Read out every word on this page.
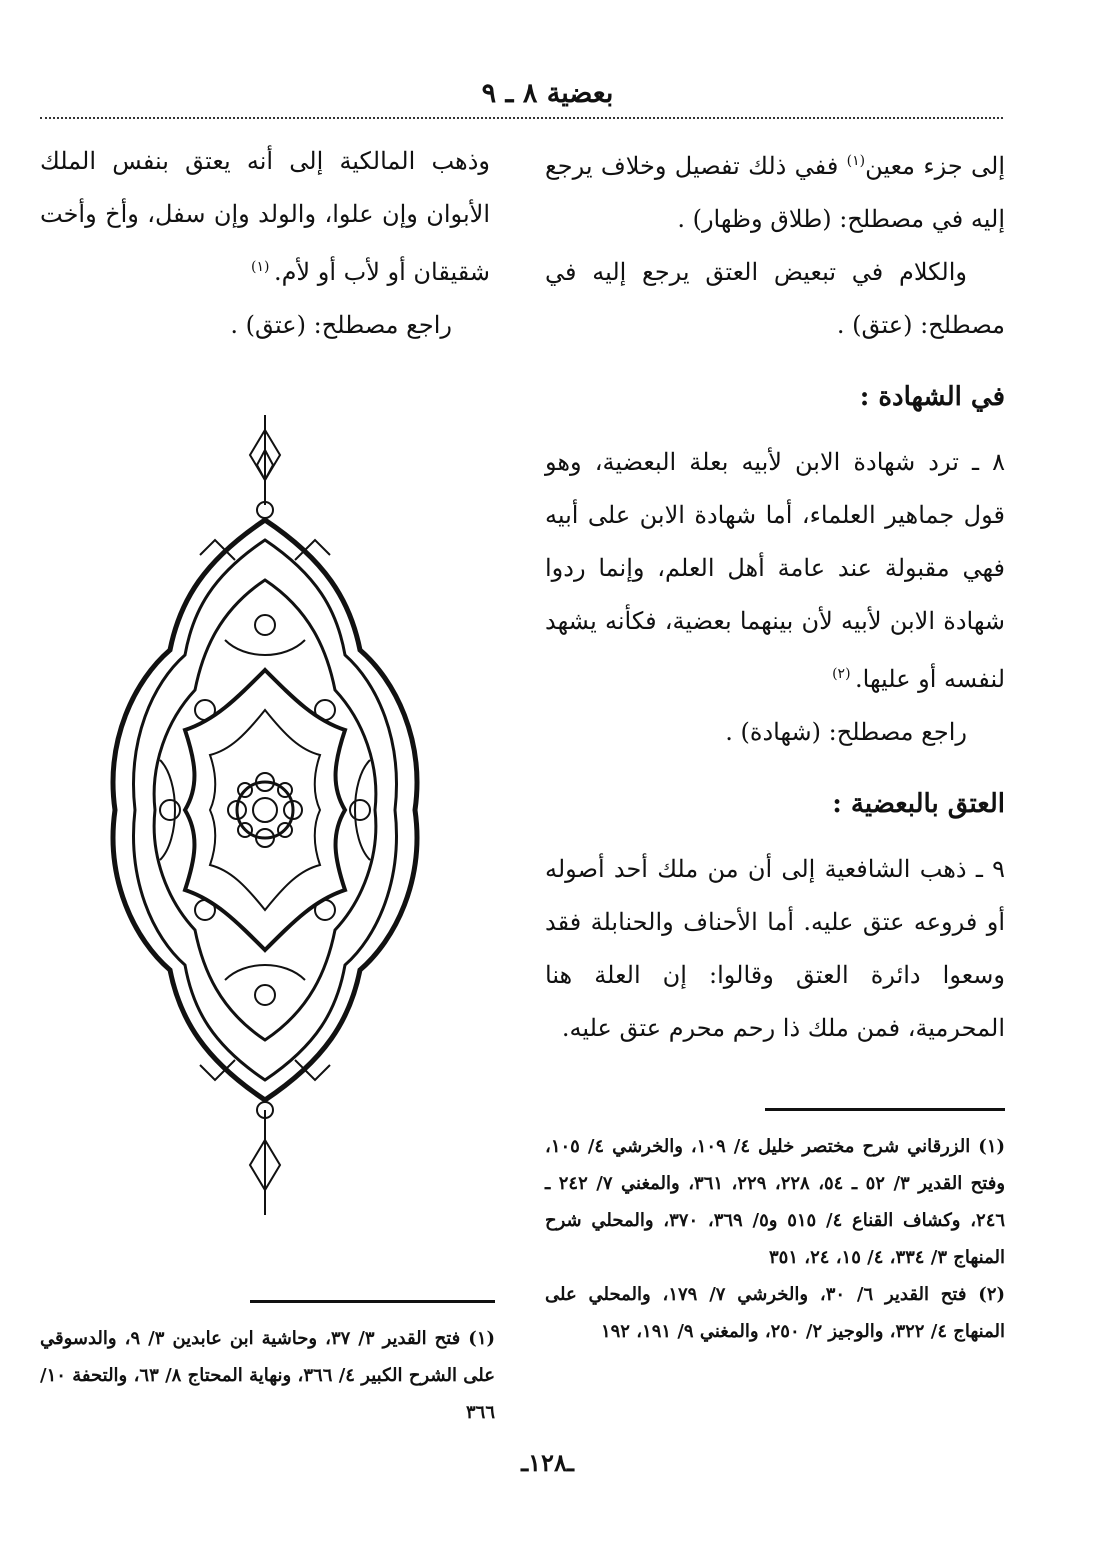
بعضية ٨ ـ ٩

إلى جزء معين$^{(١)}$ ففي ذلك تفصيل وخلاف يرجع إليه في مصطلح: (طلاق وظهار) .

والكلام في تبعيض العتق يرجع إليه في مصطلح: (عتق) .

في الشهادة :

٨ ـ ترد شهادة الابن لأبيه بعلة البعضية، وهو قول جماهير العلماء، أما شهادة الابن على أبيه فهي مقبولة عند عامة أهل العلم، وإنما ردوا شهادة الابن لأبيه لأن بينهما بعضية، فكأنه يشهد لنفسه أو عليها. $^{(٢)}$

راجع مصطلح: (شهادة) .

العتق بالبعضية :

٩ ـ ذهب الشافعية إلى أن من ملك أحد أصوله أو فروعه عتق عليه. أما الأحناف والحنابلة فقد وسعوا دائرة العتق وقالوا: إن العلة هنا المحرمية، فمن ملك ذا رحم محرم عتق عليه.

وذهب المالكية إلى أنه يعتق بنفس الملك الأبوان وإن علوا، والولد وإن سفل، وأخ وأخت شقيقان أو لأب أو لأم. $^{(١)}$

راجع مصطلح: (عتق) .

(١) الزرقاني شرح مختصر خليل ٤/ ١٠٩، والخرشي ٤/ ١٠٥، وفتح القدير ٣/ ٥٢ ـ ٥٤، ٢٢٨، ٢٢٩، ٣٦١، والمغني ٧/ ٢٤٢ ـ ٢٤٦، وكشاف القناع ٤/ ٥١٥ و٥/ ٣٦٩، ٣٧٠، والمحلي شرح المنهاج ٣/ ٣٣٤، ٤/ ١٥، ٢٤، ٣٥١

(٢) فتح القدير ٦/ ٣٠، والخرشي ٧/ ١٧٩، والمحلي على المنهاج ٤/ ٣٢٢، والوجيز ٢/ ٢٥٠، والمغني ٩/ ١٩١، ١٩٢

(١) فتح القدير ٣/ ٣٧، وحاشية ابن عابدين ٣/ ٩، والدسوقي على الشرح الكبير ٤/ ٣٦٦، ونهاية المحتاج ٨/ ٦٣، والتحفة ١٠/ ٣٦٦

ـ١٢٨ـ
